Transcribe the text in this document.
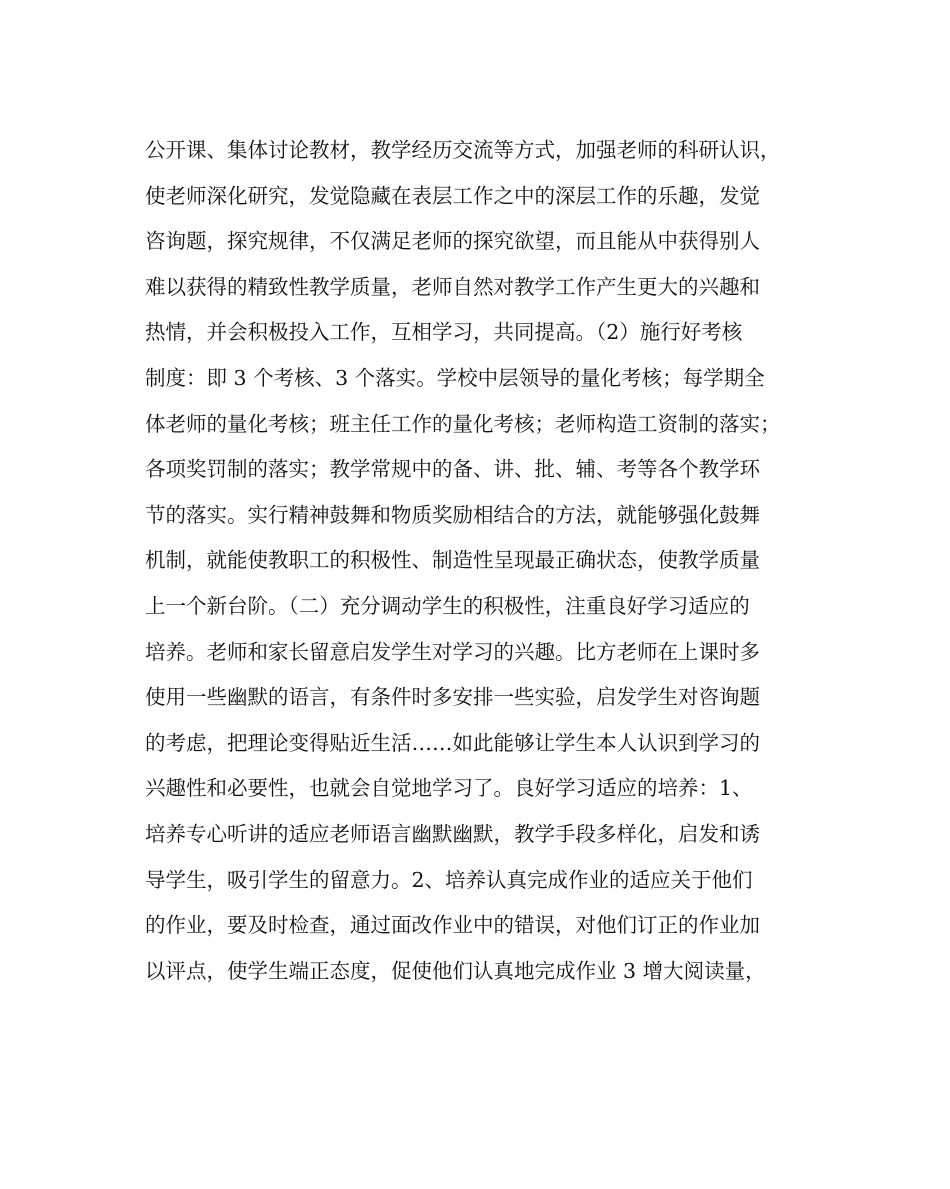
公开课、集体讨论教材，教学经历交流等方式，加强老师的科研认识，
使老师深化研究，发觉隐藏在表层工作之中的深层工作的乐趣，发觉
咨询题，探究规律，不仅满足老师的探究欲望，而且能从中获得别人
难以获得的精致性教学质量，老师自然对教学工作产生更大的兴趣和
热情，并会积极投入工作，互相学习，共同提高。（2）施行好考核
制度：即 3 个考核、3 个落实。学校中层领导的量化考核；每学期全
体老师的量化考核；班主任工作的量化考核；老师构造工资制的落实；
各项奖罚制的落实；教学常规中的备、讲、批、辅、考等各个教学环
节的落实。实行精神鼓舞和物质奖励相结合的方法，就能够强化鼓舞
机制，就能使教职工的积极性、制造性呈现最正确状态，使教学质量
上一个新台阶。（二）充分调动学生的积极性，注重良好学习适应的
培养。老师和家长留意启发学生对学习的兴趣。比方老师在上课时多
使用一些幽默的语言，有条件时多安排一些实验，启发学生对咨询题
的考虑，把理论变得贴近生活……如此能够让学生本人认识到学习的
兴趣性和必要性，也就会自觉地学习了。良好学习适应的培养：1、
培养专心听讲的适应老师语言幽默幽默，教学手段多样化，启发和诱
导学生，吸引学生的留意力。2、培养认真完成作业的适应关于他们
的作业，要及时检查，通过面改作业中的错误，对他们订正的作业加
以评点，使学生端正态度，促使他们认真地完成作业 3 增大阅读量，
